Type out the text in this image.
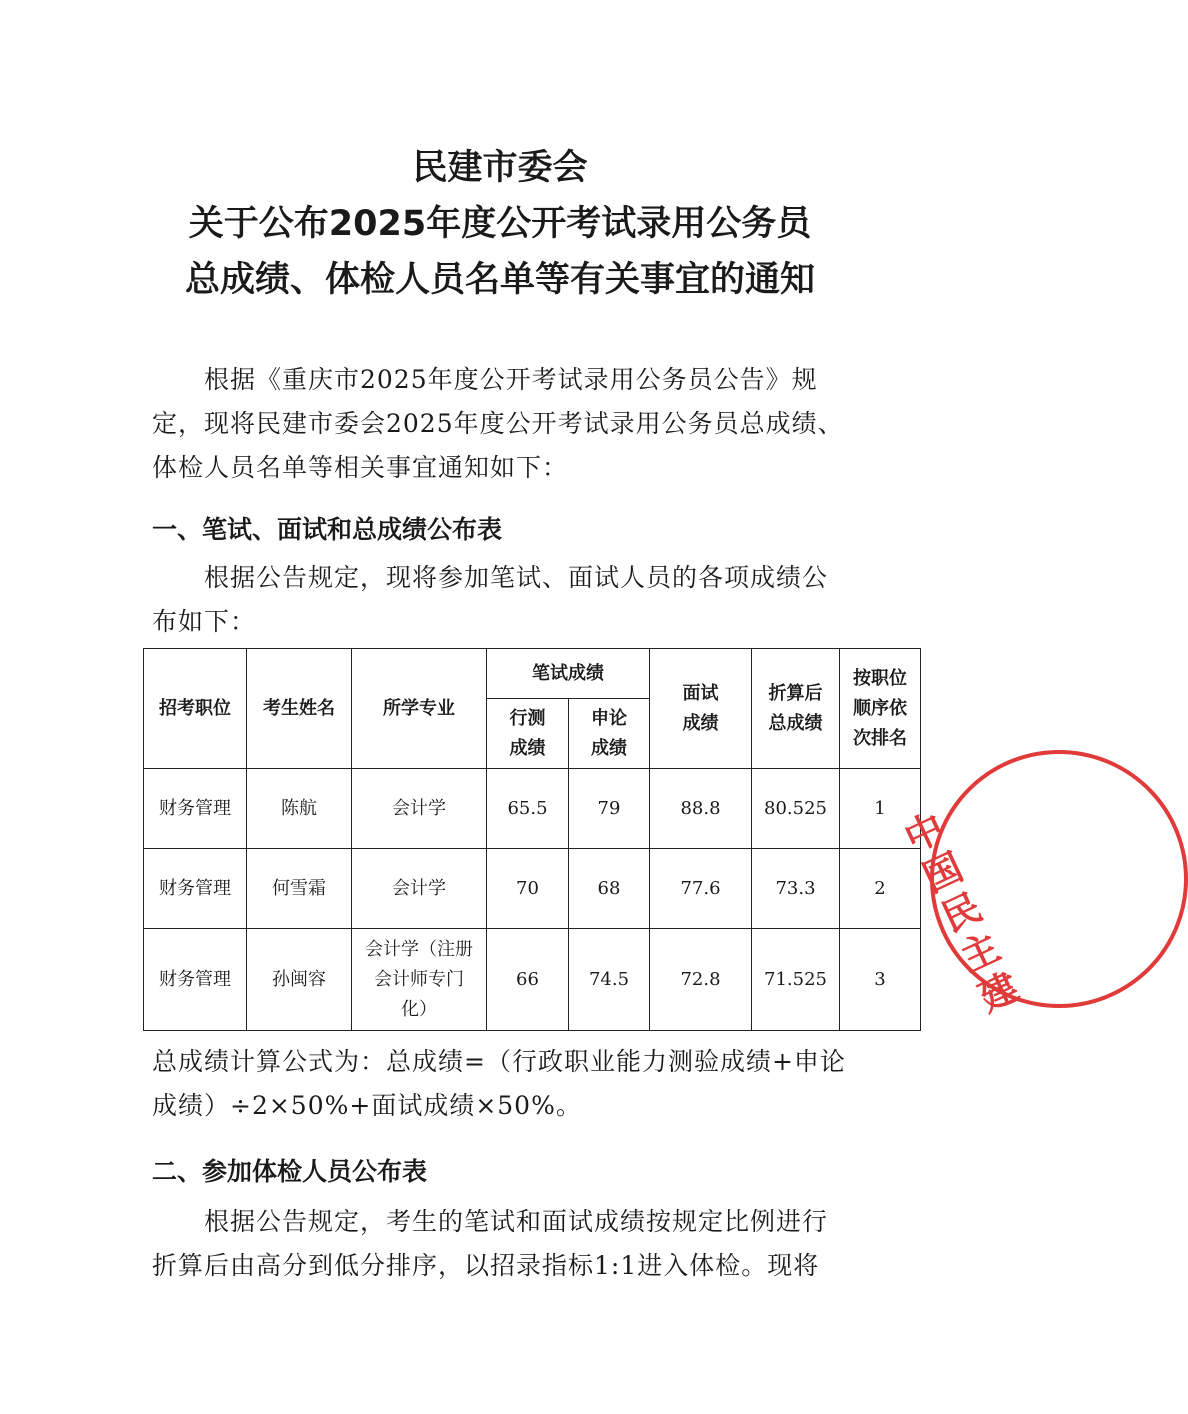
民建市委会
关于公布2025年度公开考试录用公务员
总成绩、体检人员名单等有关事宜的通知
　　根据《重庆市2025年度公开考试录用公务员公告》规
定，现将民建市委会2025年度公开考试录用公务员总成绩、
体检人员名单等相关事宜通知如下：
一、笔试、面试和总成绩公布表
　　根据公告规定，现将参加笔试、面试人员的各项成绩公
布如下：
招考职位	考生姓名	所学专业	笔试成绩		面试成绩	折算后总成绩	按职位顺序依次排名
			行测成绩	申论成绩			
财务管理	陈航	会计学	65.5	79	88.8	80.525	1
财务管理	何雪霜	会计学	70	68	77.6	73.3	2
财务管理	孙闽容	会计学（注册会计师专门化）	66	74.5	72.8	71.525	3
总成绩计算公式为：总成绩=（行政职业能力测验成绩+申论
成绩）÷2×50%+面试成绩×50%。
二、参加体检人员公布表
　　根据公告规定，考生的笔试和面试成绩按规定比例进行
折算后由高分到低分排序，以招录指标1:1进入体检。现将
中国民主建
